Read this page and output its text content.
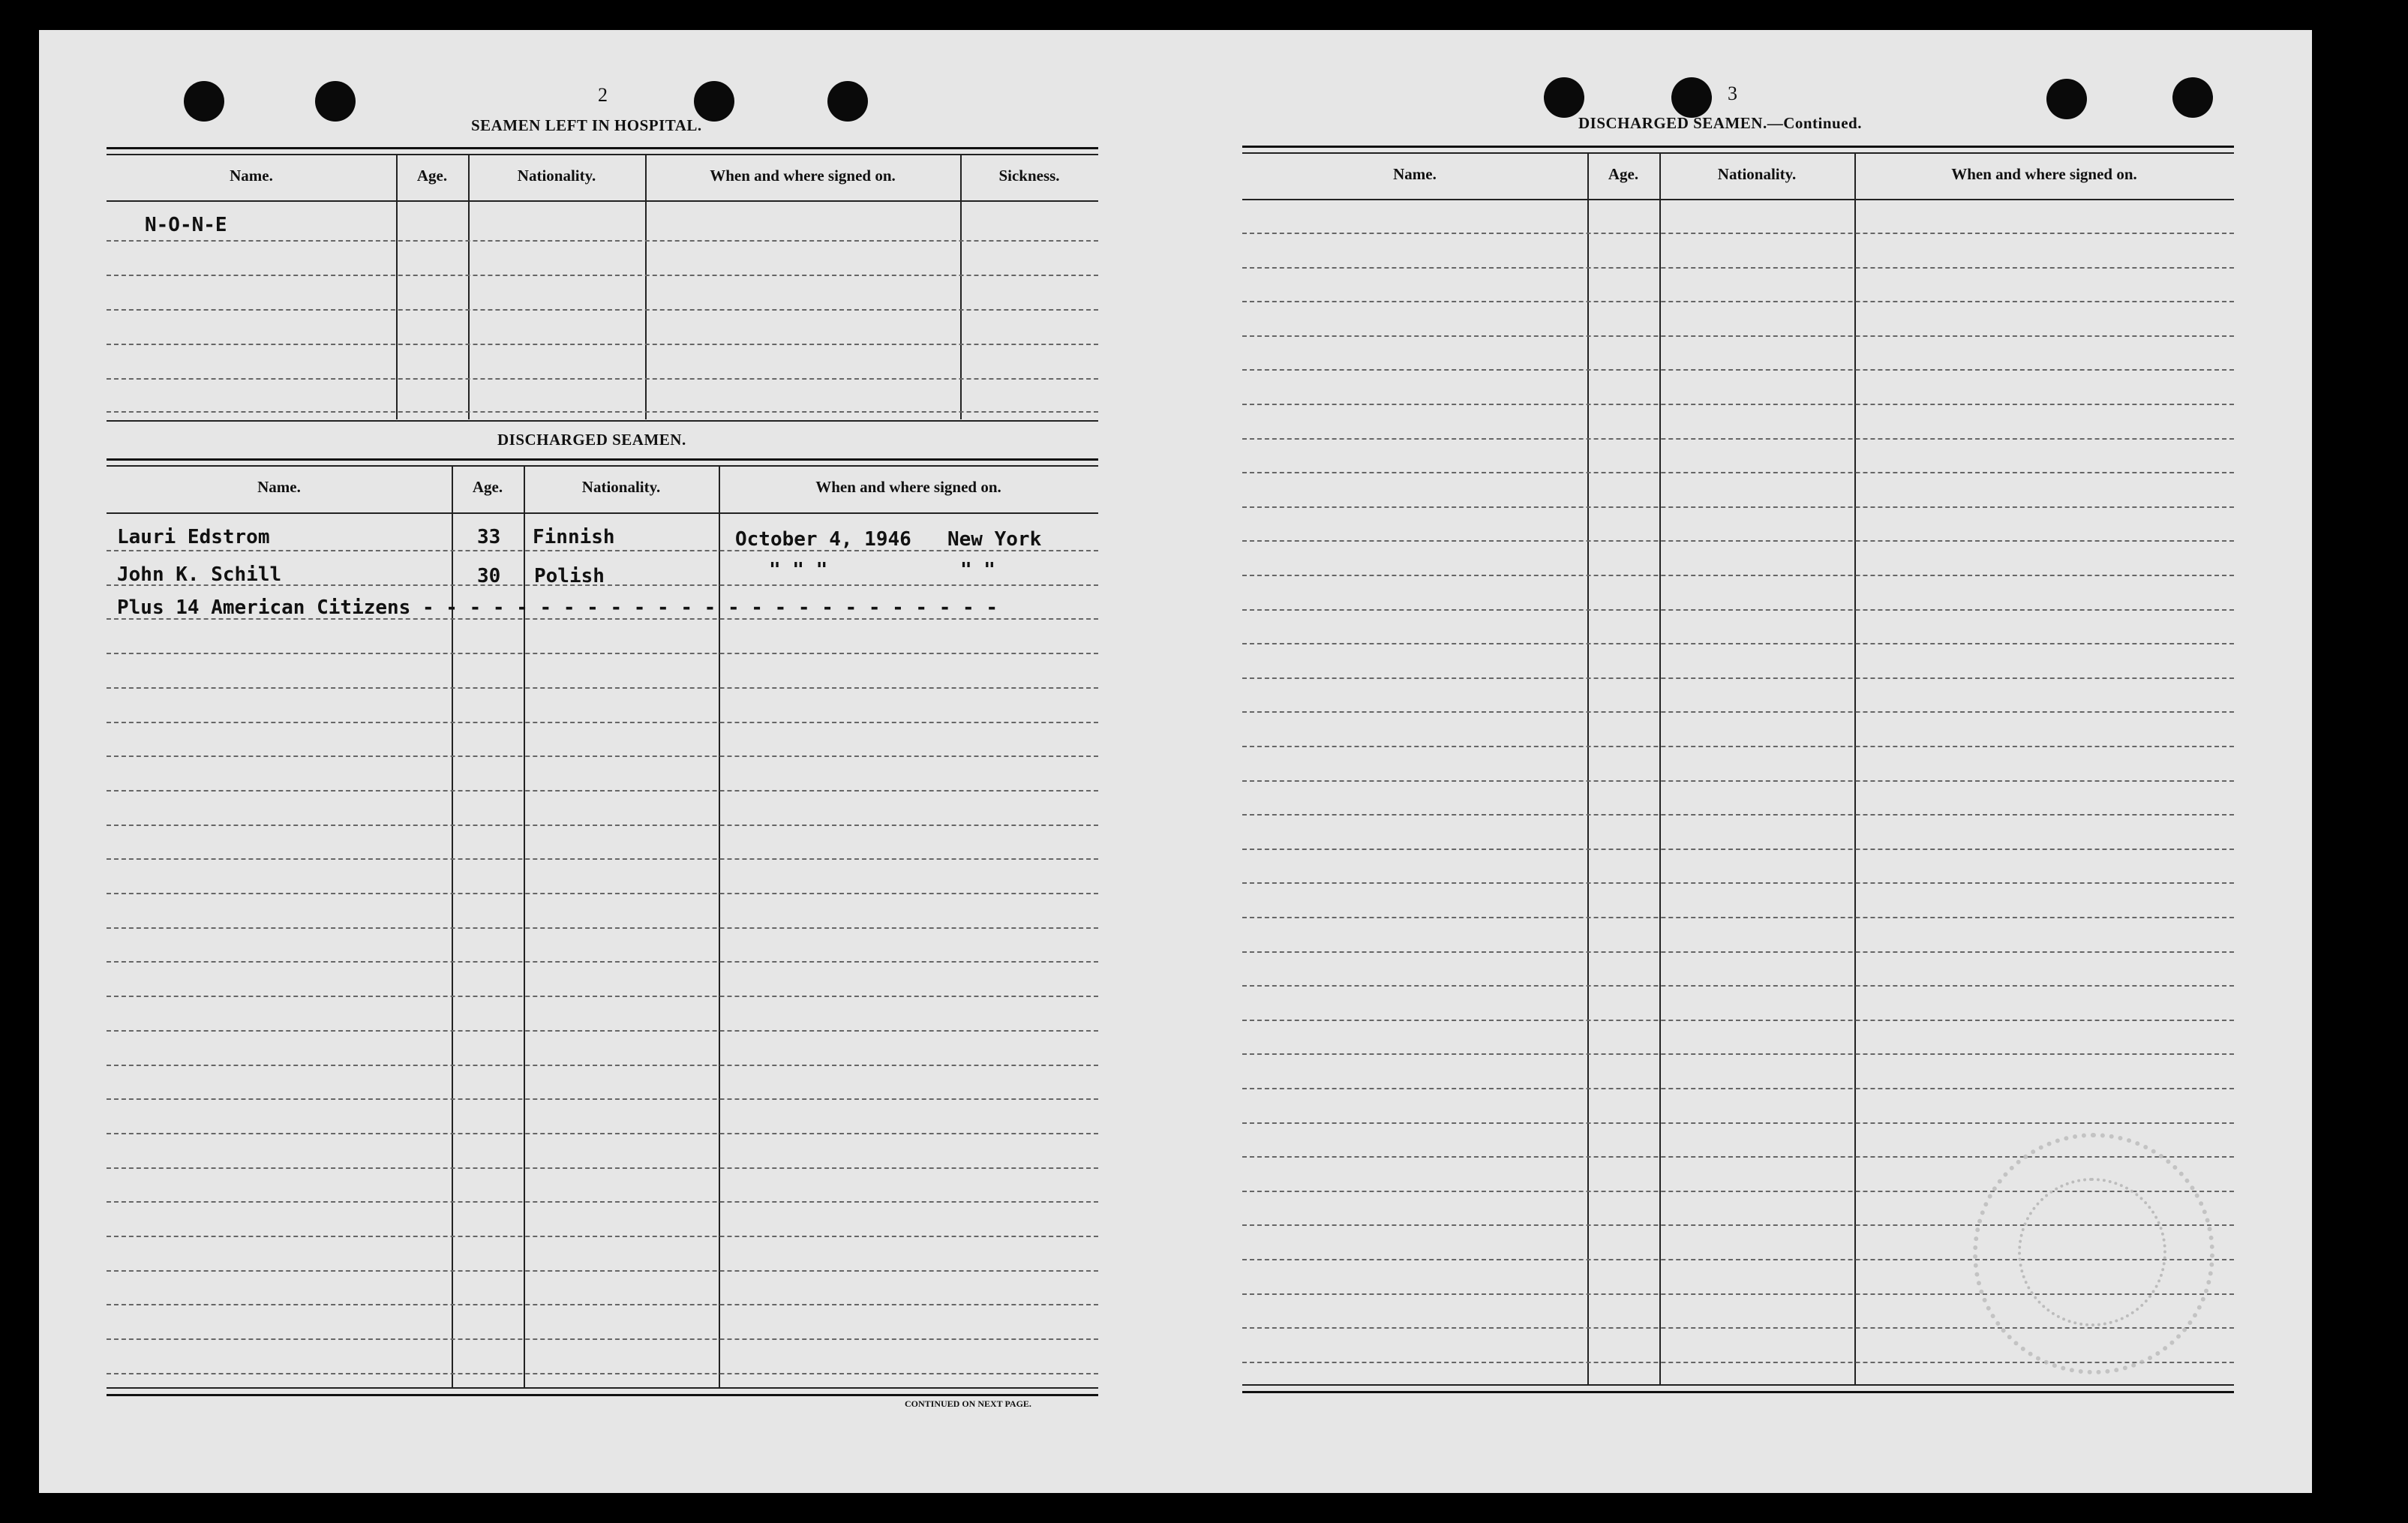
2
SEAMEN LEFT IN HOSPITAL.
Name.	Age.	Nationality.	When and where signed on.	Sickness.
N-O-N-E
DISCHARGED SEAMEN.
Name.	Age.	Nationality.	When and where signed on.
Lauri Edstrom	33 Finnish	October 4, 1946 New York
John K. Schill	30 Polish	" " "	" "
Plus 14 American Citizens - - - - - - - - - - - - - - - - - - - - - - - - -
CONTINUED ON NEXT PAGE.
3
DISCHARGED SEAMEN.—Continued.
Name.	Age.	Nationality.	When and where signed on.
